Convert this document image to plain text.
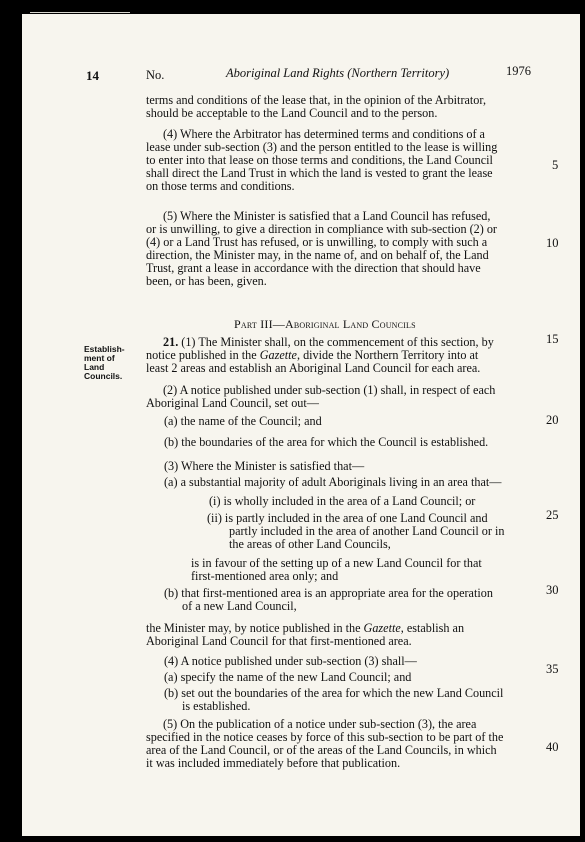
14	No.	Aboriginal Land Rights (Northern Territory)	1976

terms and conditions of the lease that, in the opinion of the Arbitrator,

should be acceptable to the Land Council and to the person.

(4) Where the Arbitrator has determined terms and conditions of a

lease under sub-section (3) and the person entitled to the lease is willing

to enter into that lease on those terms and conditions, the Land Council

shall direct the Land Trust in which the land is vested to grant the lease

on those terms and conditions.

(5) Where the Minister is satisfied that a Land Council has refused,

or is unwilling, to give a direction in compliance with sub-section (2) or

(4) or a Land Trust has refused, or is unwilling, to comply with such a

direction, the Minister may, in the name of, and on behalf of, the Land

Trust, grant a lease in accordance with the direction that should have

been, or has been, given.

Part III—Aboriginal Land Councils
Establish-
ment of
Land
Councils.

21. (1) The Minister shall, on the commencement of this section, by

notice published in the Gazette, divide the Northern Territory into at

least 2 areas and establish an Aboriginal Land Council for each area.

(2) A notice published under sub-section (1) shall, in respect of each

Aboriginal Land Council, set out—

(a) the name of the Council; and

(b) the boundaries of the area for which the Council is established.

(3) Where the Minister is satisfied that—

(a) a substantial majority of adult Aboriginals living in an area that—

(i) is wholly included in the area of a Land Council; or

(ii) is partly included in the area of one Land Council and

partly included in the area of another Land Council or in

the areas of other Land Councils,

is in favour of the setting up of a new Land Council for that

first-mentioned area only; and

(b) that first-mentioned area is an appropriate area for the operation

of a new Land Council,

the Minister may, by notice published in the Gazette, establish an

Aboriginal Land Council for that first-mentioned area.

(4) A notice published under sub-section (3) shall—

(a) specify the name of the new Land Council; and

(b) set out the boundaries of the area for which the new Land Council

is established.

(5) On the publication of a notice under sub-section (3), the area

specified in the notice ceases by force of this sub-section to be part of the

area of the Land Council, or of the areas of the Land Councils, in which

it was included immediately before that publication.

5
10
15
20
25
30
35
40
